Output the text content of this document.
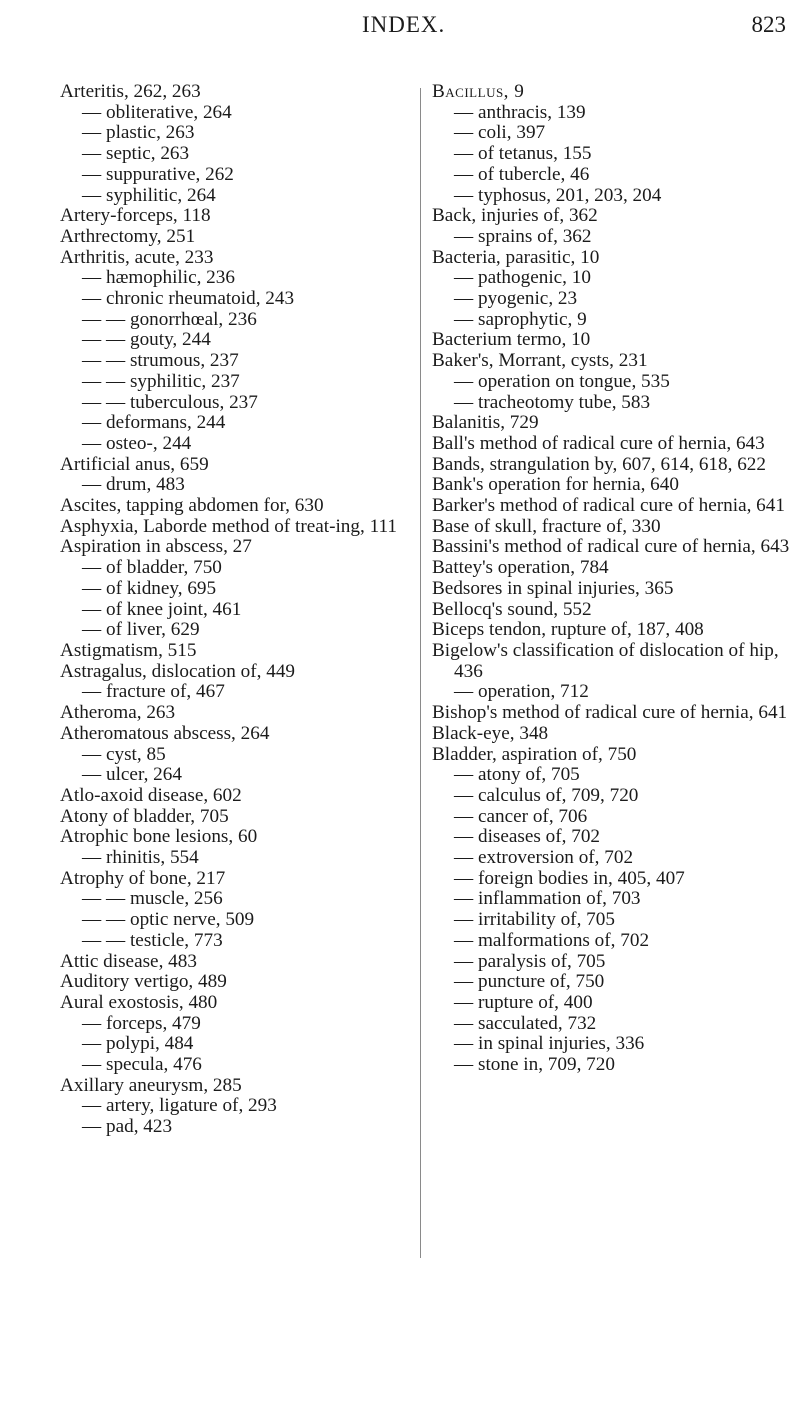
INDEX.	823
Arteritis, 262, 263
— obliterative, 264
— plastic, 263
— septic, 263
— suppurative, 262
— syphilitic, 264
Artery-forceps, 118
Arthrectomy, 251
Arthritis, acute, 233
— hæmophilic, 236
— chronic rheumatoid, 243
— — gonorrhœal, 236
— — gouty, 244
— — strumous, 237
— — syphilitic, 237
— — tuberculous, 237
— deformans, 244
— osteo-, 244
Artificial anus, 659
— drum, 483
Ascites, tapping abdomen for, 630
Asphyxia, Laborde method of treat-ing, 111
Aspiration in abscess, 27
— of bladder, 750
— of kidney, 695
— of knee joint, 461
— of liver, 629
Astigmatism, 515
Astragalus, dislocation of, 449
— fracture of, 467
Atheroma, 263
Atheromatous abscess, 264
— cyst, 85
— ulcer, 264
Atlo-axoid disease, 602
Atony of bladder, 705
Atrophic bone lesions, 60
— rhinitis, 554
Atrophy of bone, 217
— — muscle, 256
— — optic nerve, 509
— — testicle, 773
Attic disease, 483
Auditory vertigo, 489
Aural exostosis, 480
— forceps, 479
— polypi, 484
— specula, 476
Axillary aneurysm, 285
— artery, ligature of, 293
— pad, 423
Bacillus, 9
— anthracis, 139
— coli, 397
— of tetanus, 155
— of tubercle, 46
— typhosus, 201, 203, 204
Back, injuries of, 362
— sprains of, 362
Bacteria, parasitic, 10
— pathogenic, 10
— pyogenic, 23
— saprophytic, 9
Bacterium termo, 10
Baker's, Morrant, cysts, 231
— operation on tongue, 535
— tracheotomy tube, 583
Balanitis, 729
Ball's method of radical cure of hernia, 643
Bands, strangulation by, 607, 614, 618, 622
Bank's operation for hernia, 640
Barker's method of radical cure of hernia, 641
Base of skull, fracture of, 330
Bassini's method of radical cure of hernia, 643
Battey's operation, 784
Bedsores in spinal injuries, 365
Bellocq's sound, 552
Biceps tendon, rupture of, 187, 408
Bigelow's classification of dislocation of hip, 436
— operation, 712
Bishop's method of radical cure of hernia, 641
Black-eye, 348
Bladder, aspiration of, 750
— atony of, 705
— calculus of, 709, 720
— cancer of, 706
— diseases of, 702
— extroversion of, 702
— foreign bodies in, 405, 407
— inflammation of, 703
— irritability of, 705
— malformations of, 702
— paralysis of, 705
— puncture of, 750
— rupture of, 400
— sacculated, 732
— in spinal injuries, 336
— stone in, 709, 720
